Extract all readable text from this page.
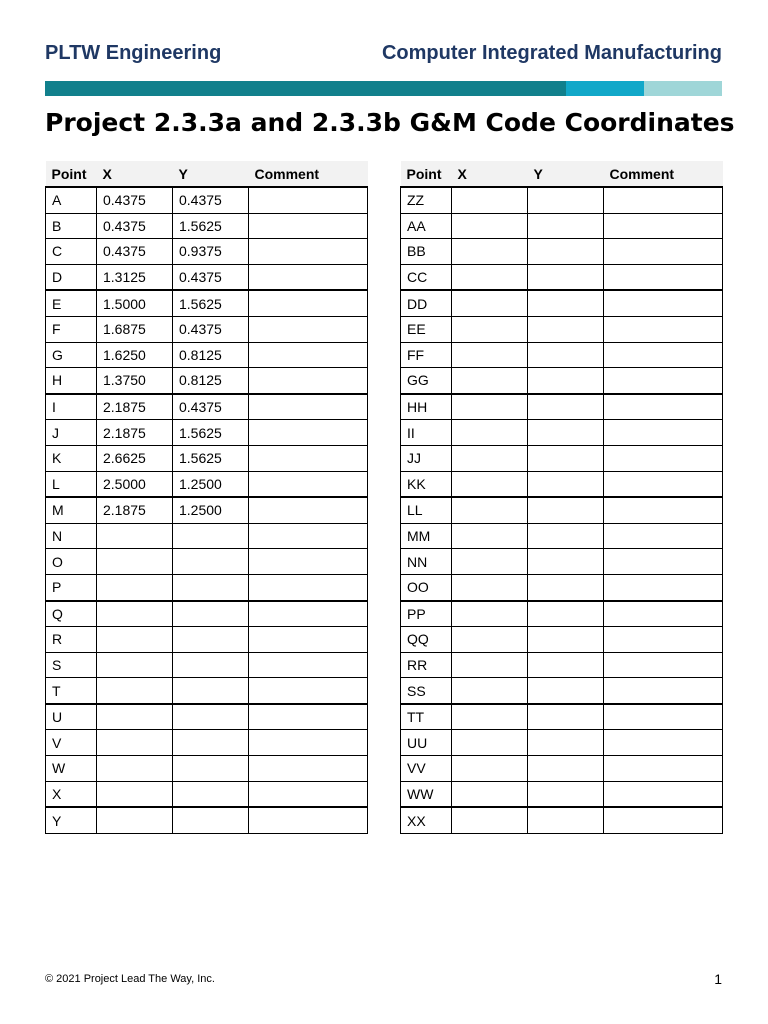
PLTW Engineering	Computer Integrated Manufacturing
Project 2.3.3a and 2.3.3b G&M Code Coordinates
Point	X	Y	Comment
A	0.4375	0.4375	
B	0.4375	1.5625	
C	0.4375	0.9375	
D	1.3125	0.4375	
E	1.5000	1.5625	
F	1.6875	0.4375	
G	1.6250	0.8125	
H	1.3750	0.8125	
I	2.1875	0.4375	
J	2.1875	1.5625	
K	2.6625	1.5625	
L	2.5000	1.2500	
M	2.1875	1.2500	
N			
O			
P			
Q			
R			
S			
T			
U			
V			
W			
X			
Y			
Point	X	Y	Comment
ZZ			
AA			
BB			
CC			
DD			
EE			
FF			
GG			
HH			
II			
JJ			
KK			
LL			
MM			
NN			
OO			
PP			
QQ			
RR			
SS			
TT			
UU			
VV			
WW			
XX			
© 2021 Project Lead The Way, Inc.	1
